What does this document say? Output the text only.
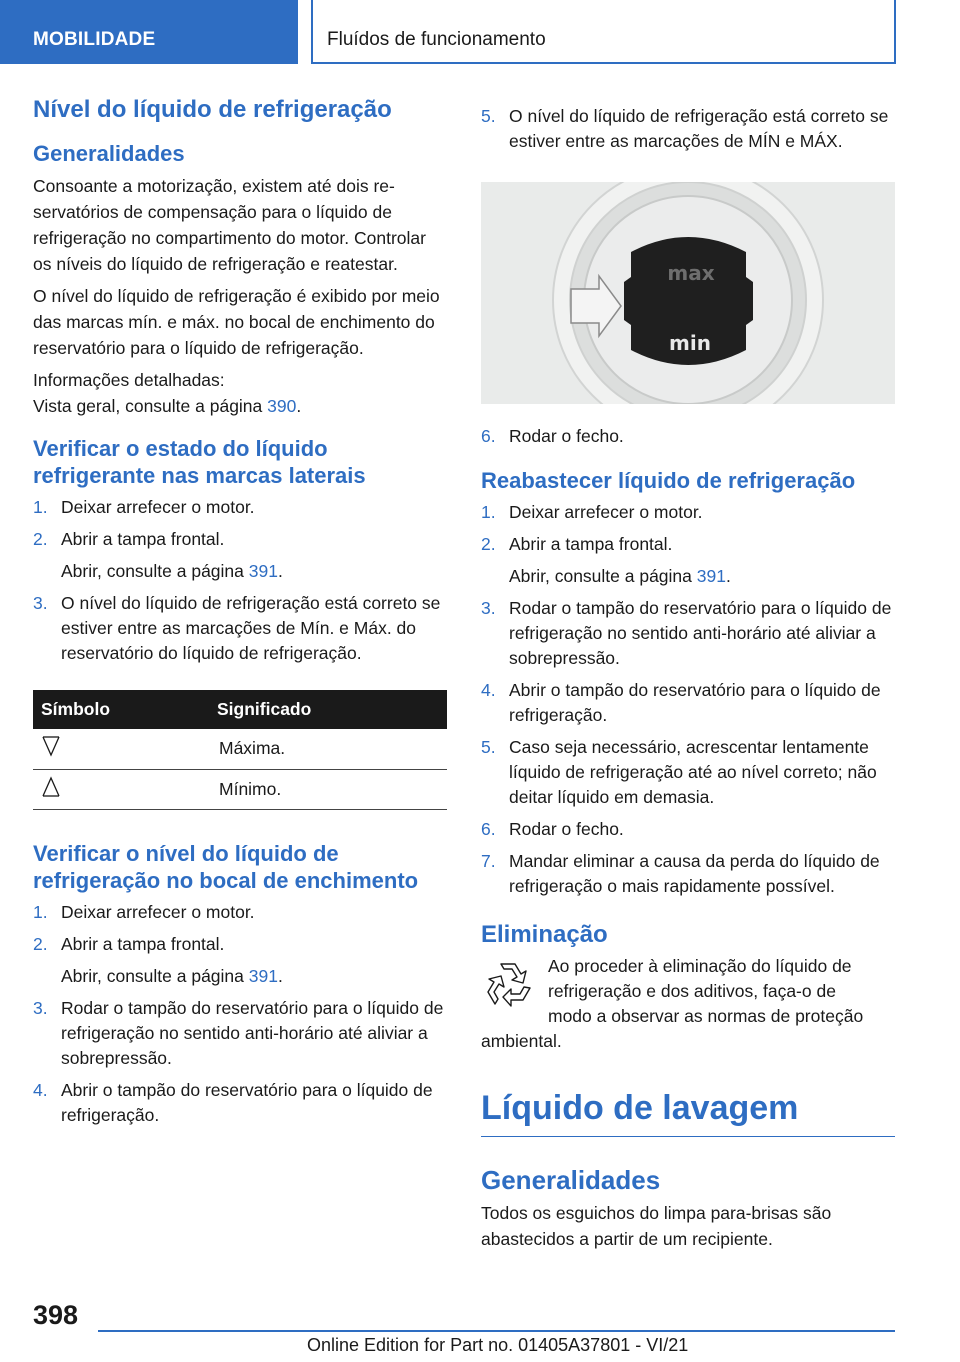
MOBILIDADE	Fluídos de funcionamento
Nível do líquido de refrigeração
Generalidades

Consoante a motorização, existem até dois reservatórios de compensação para o líquido de refrigeração no compartimento do motor. Controlar os níveis do líquido de refrigeração e reatestar.

O nível do líquido de refrigeração é exibido por meio das marcas mín. e máx. no bocal de enchimento do reservatório para o líquido de refrigeração.

Informações detalhadas:

Vista geral, consulte a página 390.

Verificar o estado do líquido refrigerante nas marcas laterais
1. Deixar arrefecer o motor.
2. Abrir a tampa frontal.
Abrir, consulte a página 391.
3. O nível do líquido de refrigeração está correto se estiver entre as marcações de Mín. e Máx. do reservatório do líquido de refrigeração.
Símbolo	Significado
	Máxima.
	Mínimo.
Verificar o nível do líquido de refrigeração no bocal de enchimento
1. Deixar arrefecer o motor.
2. Abrir a tampa frontal.
Abrir, consulte a página 391.
3. Rodar o tampão do reservatório para o líquido de refrigeração no sentido anti-horário até aliviar a sobrepressão.
4. Abrir o tampão do reservatório para o líquido de refrigeração.
5. O nível do líquido de refrigeração está correto se estiver entre as marcações de MÍN e MÁX.
max
min
6. Rodar o fecho.
Reabastecer líquido de refrigeração
1. Deixar arrefecer o motor.
2. Abrir a tampa frontal.
Abrir, consulte a página 391.
3. Rodar o tampão do reservatório para o líquido de refrigeração no sentido anti-horário até aliviar a sobrepressão.
4. Abrir o tampão do reservatório para o líquido de refrigeração.
5. Caso seja necessário, acrescentar lentamente líquido de refrigeração até ao nível correto; não deitar líquido em demasia.
6. Rodar o fecho.
7. Mandar eliminar a causa da perda do líquido de refrigeração o mais rapidamente possível.
Eliminação

Ao proceder à eliminação do líquido de

refrigeração e dos aditivos, faça-o de

modo a observar as normas de proteção

ambiental.

Líquido de lavagem
Generalidades

Todos os esguichos do limpa para-brisas são abastecidos a partir de um recipiente.

398
Online Edition for Part no. 01405A37801 - VI/21
